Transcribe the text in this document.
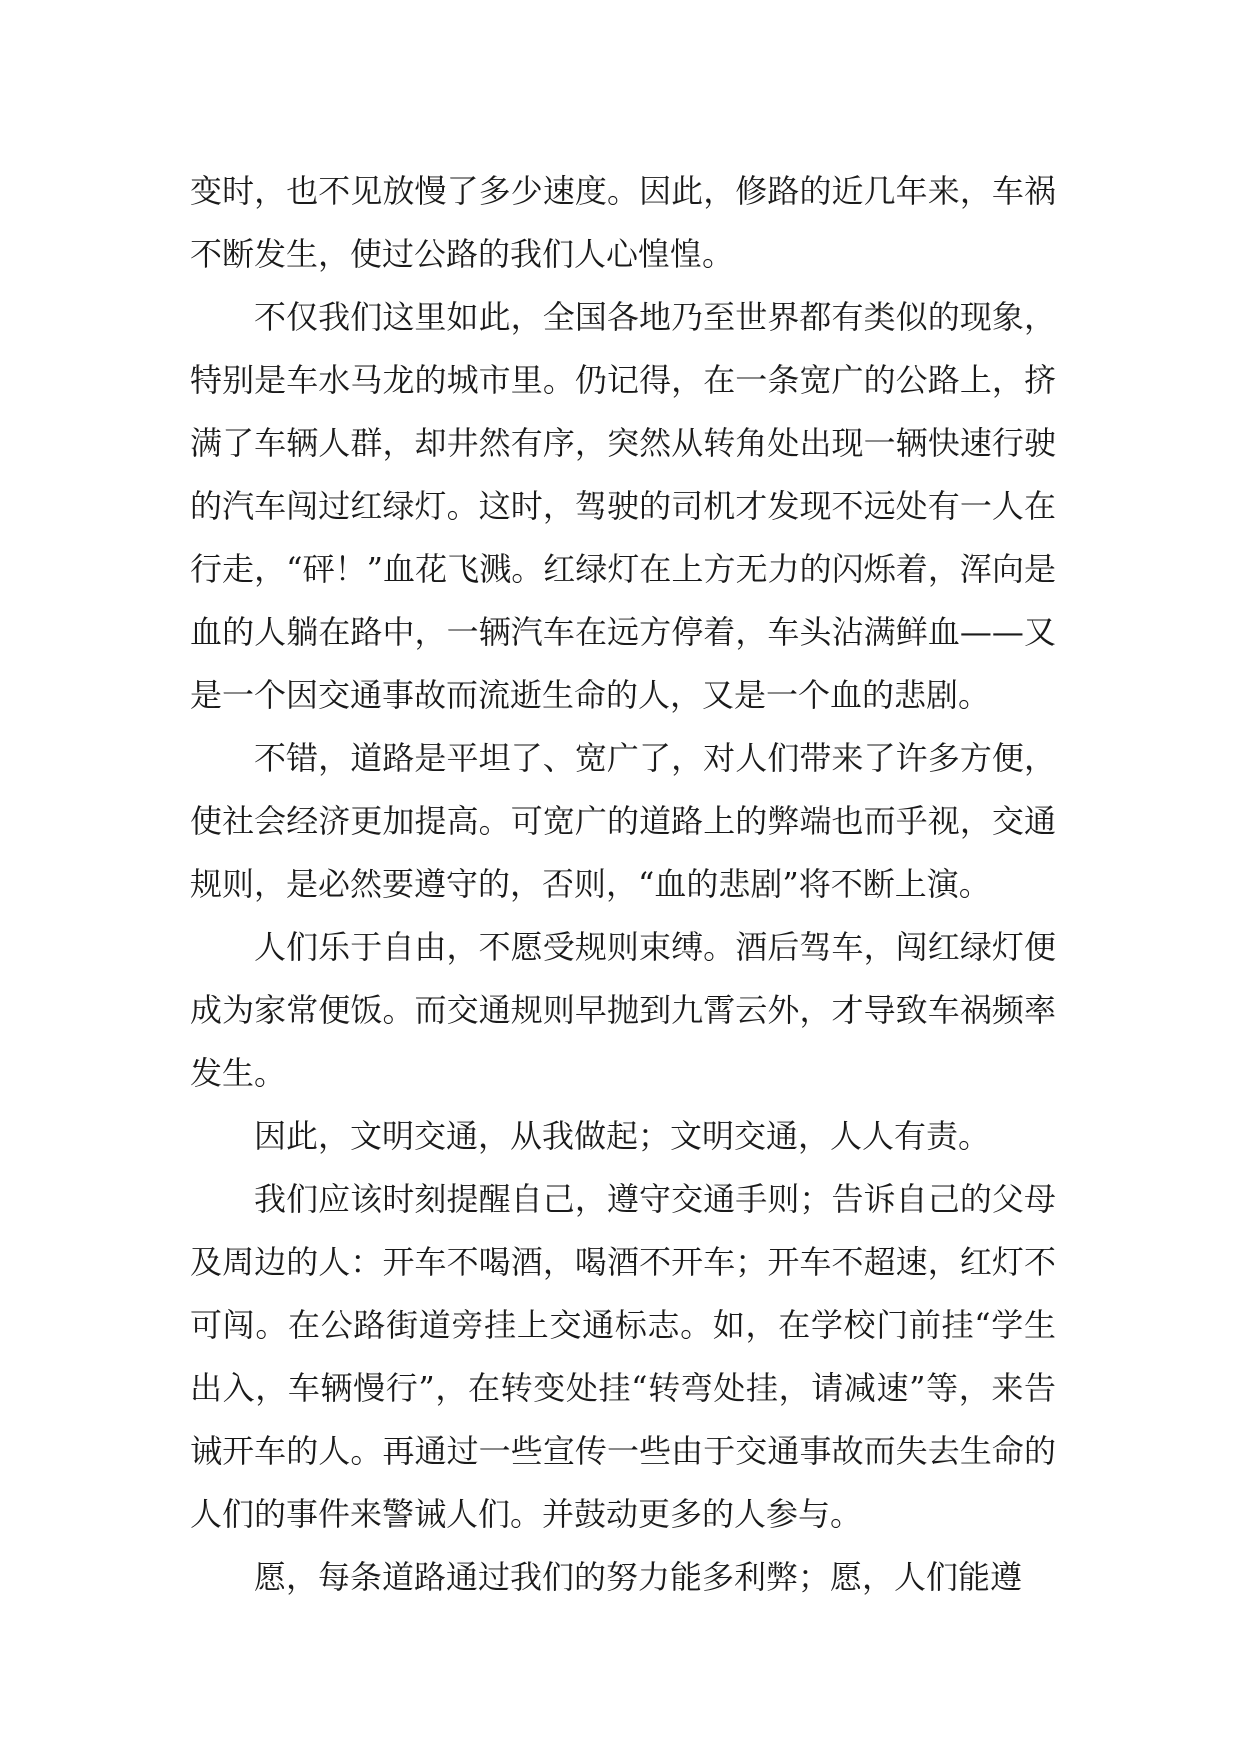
变时，也不见放慢了多少速度。因此，修路的近几年来，车祸不断发生，使过公路的我们人心惶惶。

不仅我们这里如此，全国各地乃至世界都有类似的现象，特别是车水马龙的城市里。仍记得，在一条宽广的公路上，挤满了车辆人群，却井然有序，突然从转角处出现一辆快速行驶的汽车闯过红绿灯。这时，驾驶的司机才发现不远处有一人在行走，“砰！”血花飞溅。红绿灯在上方无力的闪烁着，浑向是血的人躺在路中，一辆汽车在远方停着，车头沾满鲜血——又是一个因交通事故而流逝生命的人，又是一个血的悲剧。

不错，道路是平坦了、宽广了，对人们带来了许多方便，使社会经济更加提高。可宽广的道路上的弊端也而乎视，交通规则，是必然要遵守的，否则，“血的悲剧”将不断上演。

人们乐于自由，不愿受规则束缚。酒后驾车，闯红绿灯便成为家常便饭。而交通规则早抛到九霄云外，才导致车祸频率发生。

因此，文明交通，从我做起；文明交通，人人有责。

我们应该时刻提醒自己，遵守交通手则；告诉自己的父母及周边的人：开车不喝酒，喝酒不开车；开车不超速，红灯不可闯。在公路街道旁挂上交通标志。如，在学校门前挂“学生出入，车辆慢行”，在转变处挂“转弯处挂，请减速”等，来告诫开车的人。再通过一些宣传一些由于交通事故而失去生命的人们的事件来警诫人们。并鼓动更多的人参与。

愿，每条道路通过我们的努力能多利弊；愿，人们能遵
